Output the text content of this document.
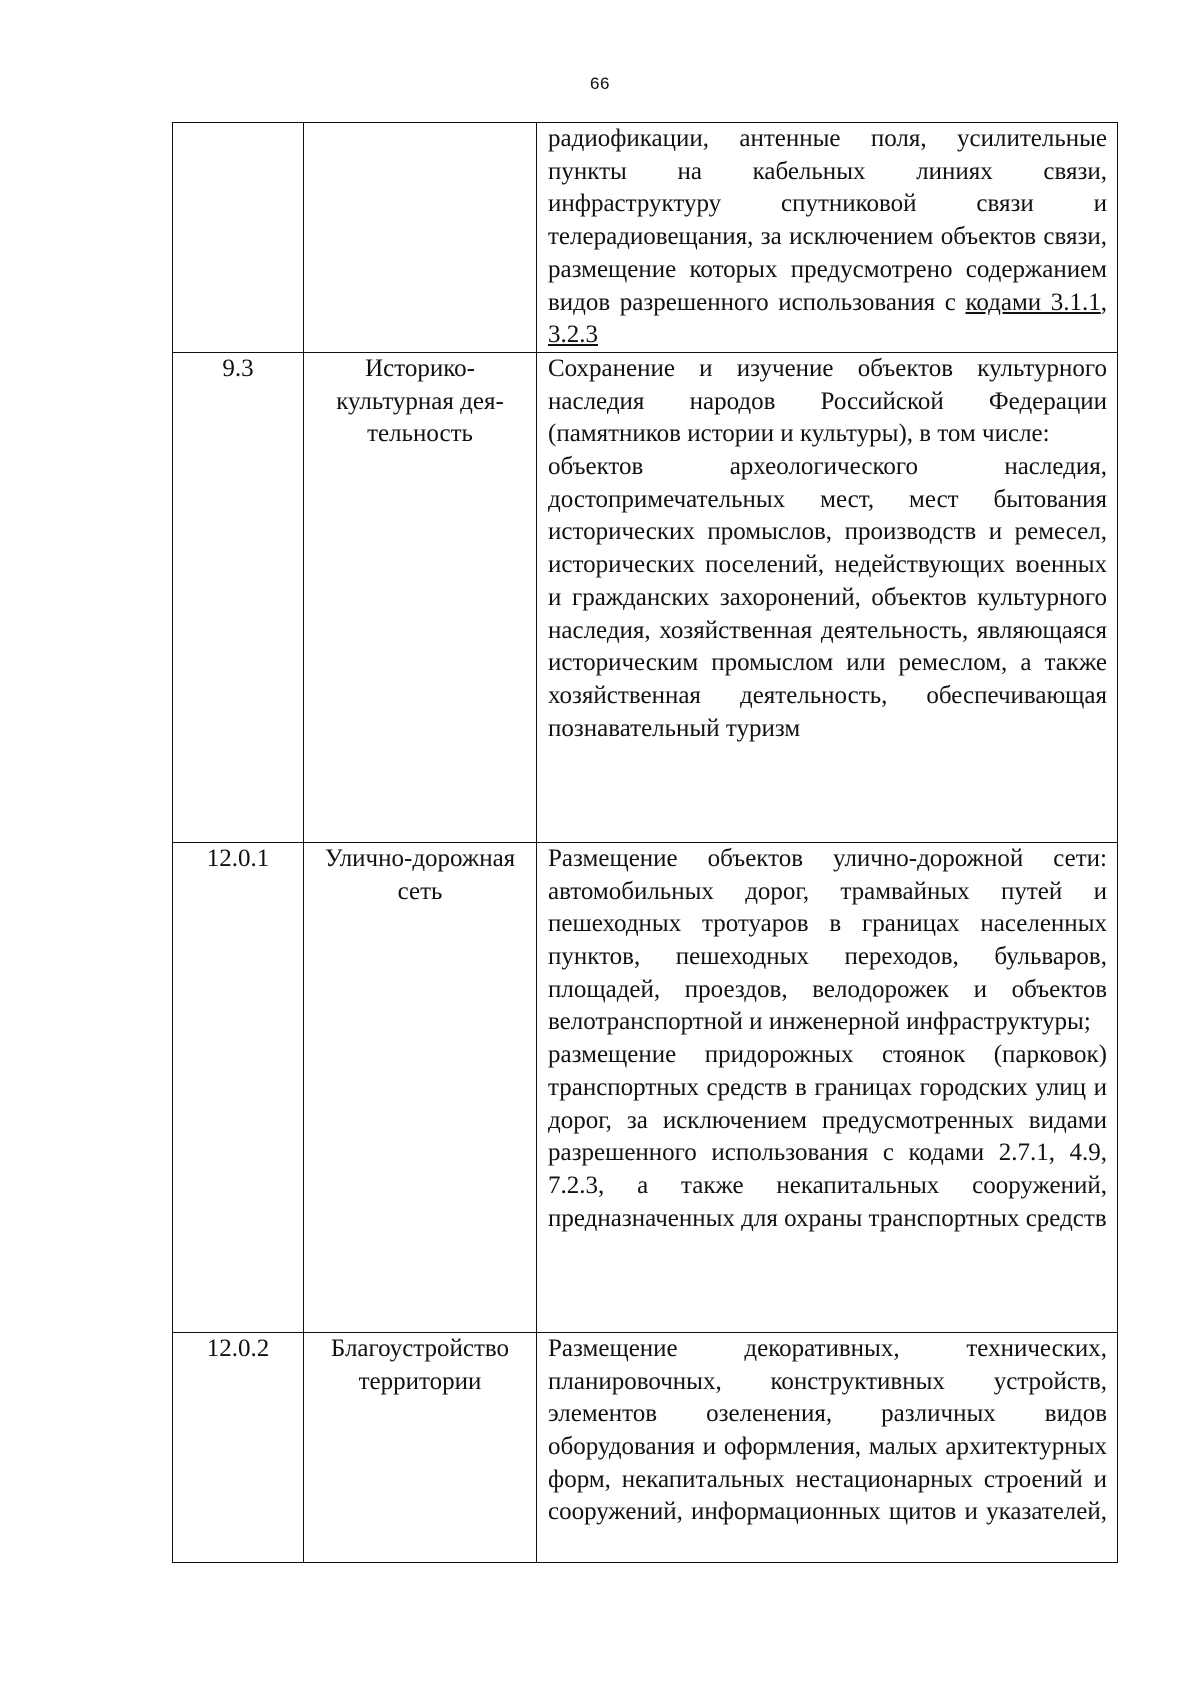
66

		радиофикации, антенные поля, усилительные пункты на кабельных линиях связи, инфраструктуру спутниковой связи и телерадиовещания, за исключением объектов связи, размещение которых предусмотрено содержанием видов разрешенного использования с кодами 3.1.1, 3.2.3

9.3	Историко-культурная дея-тельность	Сохранение и изучение объектов культурного наследия народов Российской Федерации (памятников истории и культуры), в том числе:
объектов археологического наследия, достопримечательных мест, мест бытования исторических промыслов, производств и ремесел, исторических поселений, недействующих военных и гражданских захоронений, объектов культурного наследия, хозяйственная деятельность, являющаяся историческим промыслом или ремеслом, а также хозяйственная деятельность, обеспечивающая познавательный туризм

12.0.1	Улично-дорожная сеть	Размещение объектов улично-дорожной сети: автомобильных дорог, трамвайных путей и пешеходных тротуаров в границах населенных пунктов, пешеходных переходов, бульваров, площадей, проездов, велодорожек и объектов велотранспортной и инженерной инфраструктуры;
размещение придорожных стоянок (парковок) транспортных средств в границах городских улиц и дорог, за исключением предусмотренных видами разрешенного использования с кодами 2.7.1, 4.9, 7.2.3, а также некапитальных сооружений, предназначенных для охраны транспортных средств

12.0.2	Благоустройство территории	Размещение декоративных, технических, планировочных, конструктивных устройств, элементов озеленения, различных видов оборудования и оформления, малых архитектурных форм, некапитальных нестационарных строений и сооружений, информационных щитов и указателей,
